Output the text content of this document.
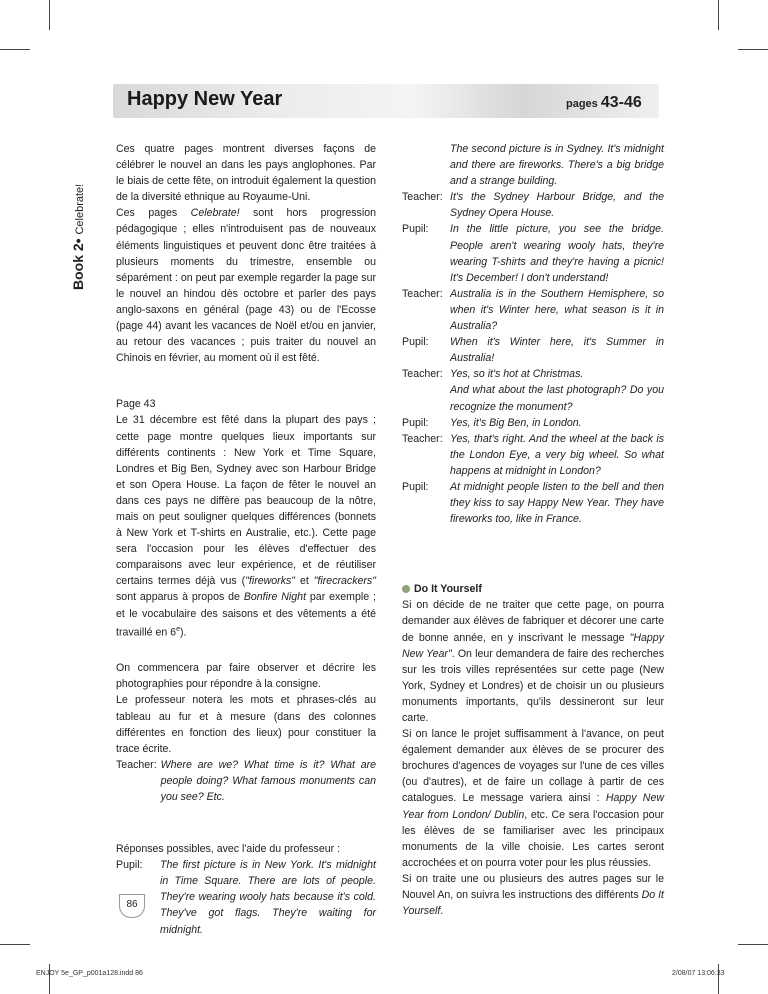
Happy New Year	pages 43-46
Book 2• Celebrate!

Ces quatre pages montrent diverses façons de célébrer le nouvel an dans les pays anglophones. Par le biais de cette fête, on introduit également la question de la diversité ethnique au Royaume-Uni.

Ces pages Celebrate! sont hors progression pédagogique ; elles n'introduisent pas de nouveaux éléments linguistiques et peuvent donc être traitées à plusieurs moments du trimestre, ensemble ou séparément : on peut par exemple regarder la page sur le nouvel an hindou dès octobre et parler des pays anglo-saxons en général (page 43) ou de l'Ecosse (page 44) avant les vacances de Noël et/ou en janvier, au retour des vacances ; puis traiter du nouvel an Chinois en février, au moment où il est fêté.

Page 43

Le 31 décembre est fêté dans la plupart des pays ; cette page montre quelques lieux importants sur différents continents : New York et Time Square, Londres et Big Ben, Sydney avec son Harbour Bridge et son Opera House. La façon de fêter le nouvel an dans ces pays ne diffère pas beaucoup de la nôtre, mais on peut souligner quelques différences (bonnets à New York et T-shirts en Australie, etc.). Cette page sera l'occasion pour les élèves d'effectuer des comparaisons avec leur expérience, et de réutiliser certains termes déjà vus ("fireworks" et "firecrackers" sont apparus à propos de Bonfire Night par exemple ; et le vocabulaire des saisons et des vêtements a été travaillé en 6e).

On commencera par faire observer et décrire les photographies pour répondre à la consigne.

Le professeur notera les mots et phrases-clés au tableau au fur et à mesure (dans des colonnes différentes en fonction des lieux) pour constituer la trace écrite.

Teacher: Where are we? What time is it? What are people doing? What famous monuments can you see? Etc.

Réponses possibles, avec l'aide du professeur :

Pupil:	The first picture is in New York. It's midnight in Time Square. There are lots of people. They're wearing wooly hats because it's cold. They've got flags. They're waiting for midnight.

The second picture is in Sydney. It's midnight and there are fireworks. There's a big bridge and a strange building.

Teacher: It's the Sydney Harbour Bridge, and the Sydney Opera House.
Pupil:	In the little picture, you see the bridge. People aren't wearing wooly hats, they're wearing T-shirts and they're having a picnic! It's December! I don't understand!
Teacher: Australia is in the Southern Hemisphere, so when it's Winter here, what season is it in Australia?
Pupil:	When it's Winter here, it's Summer in Australia!
Teacher: Yes, so it's hot at Christmas.

And what about the last photograph? Do you recognize the monument?

Pupil:	Yes, it's Big Ben, in London.
Teacher: Yes, that's right. And the wheel at the back is the London Eye, a very big wheel. So what happens at midnight in London?
Pupil:	At midnight people listen to the bell and then they kiss to say Happy New Year. They have fireworks too, like in France.

Do It Yourself

Si on décide de ne traiter que cette page, on pourra demander aux élèves de fabriquer et décorer une carte de bonne année, en y inscrivant le message "Happy New Year". On leur demandera de faire des recherches sur les trois villes représentées sur cette page (New York, Sydney et Londres) et de choisir un ou plusieurs monuments importants, qu'ils dessineront sur leur carte.

Si on lance le projet suffisamment à l'avance, on peut également demander aux élèves de se procurer des brochures d'agences de voyages sur l'une de ces villes (ou d'autres), et de faire un collage à partir de ces catalogues. Le message variera ainsi : Happy New Year from London/ Dublin, etc. Ce sera l'occasion pour les élèves de se familiariser avec les principaux monuments de la ville choisie. Les cartes seront accrochées et on pourra voter pour les plus réussies.

Si on traite une ou plusieurs des autres pages sur le Nouvel An, on suivra les instructions des différents Do It Yourself.

86
ENJOY 5e_GP_p001a128.indd 86	2/08/07 13:06:33
